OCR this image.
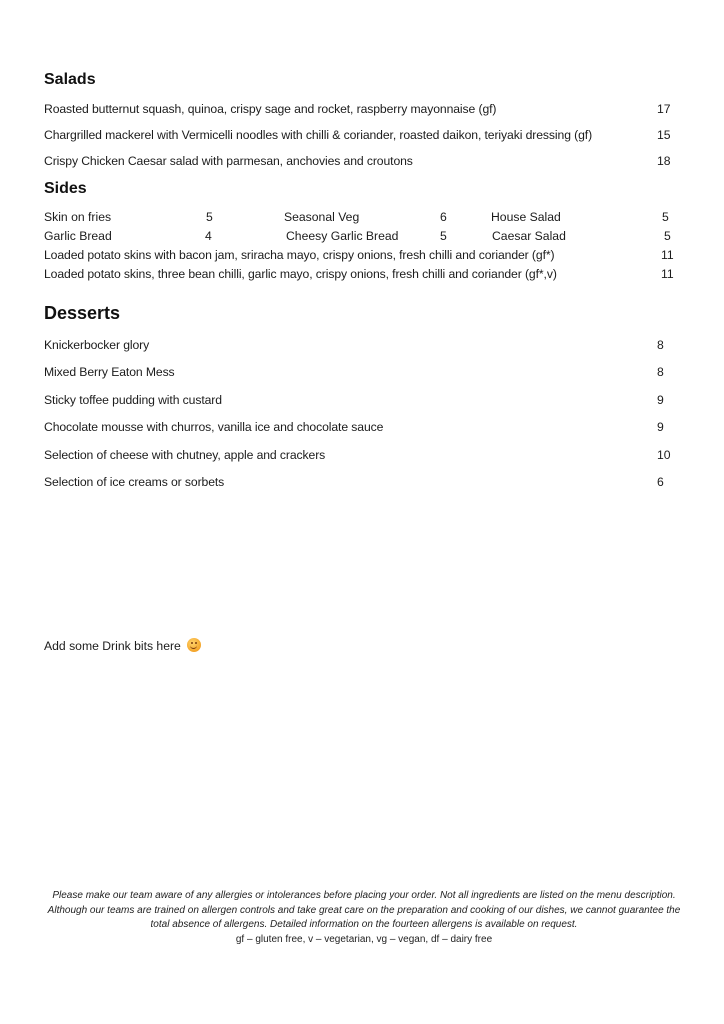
Salads
Roasted butternut squash, quinoa, crispy sage and rocket, raspberry mayonnaise (gf)	17
Chargrilled mackerel with Vermicelli noodles with chilli & coriander, roasted daikon, teriyaki dressing (gf)	15
Crispy Chicken Caesar salad with parmesan, anchovies and croutons	18
Sides
Skin on fries	5	Seasonal Veg	6	House Salad	5
Garlic Bread	4	Cheesy Garlic Bread	5	Caesar Salad	5
Loaded potato skins with bacon jam, sriracha mayo, crispy onions, fresh chilli and coriander (gf*)	11
Loaded potato skins, three bean chilli, garlic mayo, crispy onions, fresh chilli and coriander (gf*,v)	11
Desserts
Knickerbocker glory	8
Mixed Berry Eaton Mess	8
Sticky toffee pudding with custard	9
Chocolate mousse with churros, vanilla ice and chocolate sauce	9
Selection of cheese with chutney, apple and crackers	10
Selection of ice creams or sorbets	6
Add some Drink bits here
Please make our team aware of any allergies or intolerances before placing your order. Not all ingredients are listed on the menu description. Although our teams are trained on allergen controls and take great care on the preparation and cooking of our dishes, we cannot guarantee the total absence of allergens. Detailed information on the fourteen allergens is available on request.
gf – gluten free, v – vegetarian, vg – vegan, df – dairy free
